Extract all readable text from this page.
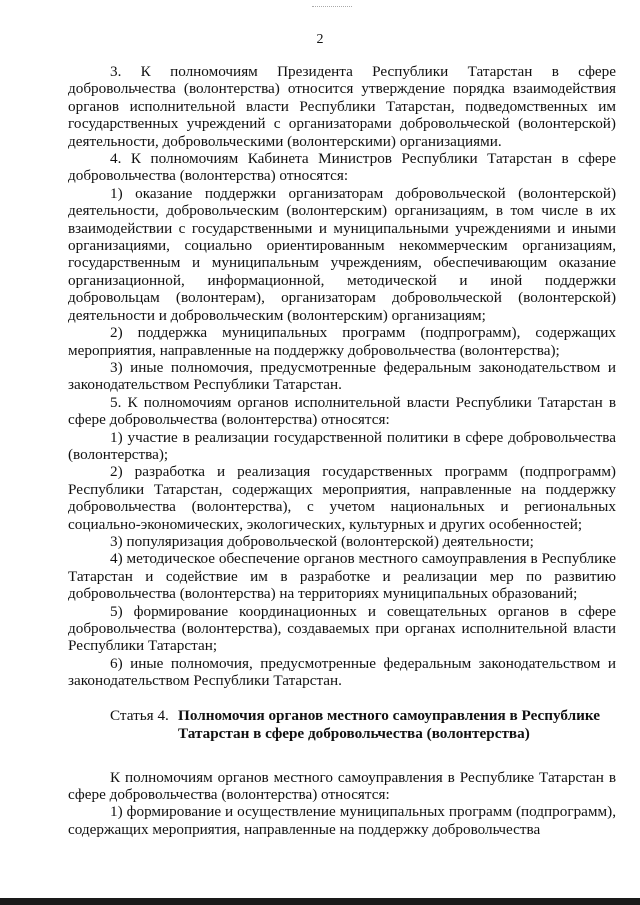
2

3. К полномочиям Президента Республики Татарстан в сфере добровольчества (волонтерства) относится утверждение порядка взаимодействия органов исполнительной власти Республики Татарстан, подведомственных им государственных учреждений с организаторами добровольческой (волонтерской) деятельности, добровольческими (волонтерскими) организациями.

4. К полномочиям Кабинета Министров Республики Татарстан в сфере добровольчества (волонтерства) относятся:

1) оказание поддержки организаторам добровольческой (волонтерской) деятельности, добровольческим (волонтерским) организациям, в том числе в их взаимодействии с государственными и муниципальными учреждениями и иными организациями, социально ориентированным некоммерческим организациям, государственным и муниципальным учреждениям, обеспечивающим оказание организационной, информационной, методической и иной поддержки добровольцам (волонтерам), организаторам добровольческой (волонтерской) деятельности и добровольческим (волонтерским) организациям;

2) поддержка муниципальных программ (подпрограмм), содержащих мероприятия, направленные на поддержку добровольчества (волонтерства);

3) иные полномочия, предусмотренные федеральным законодательством и законодательством Республики Татарстан.

5. К полномочиям органов исполнительной власти Республики Татарстан в сфере добровольчества (волонтерства) относятся:

1) участие в реализации государственной политики в сфере добровольчества (волонтерства);

2) разработка и реализация государственных программ (подпрограмм) Республики Татарстан, содержащих мероприятия, направленные на поддержку добровольчества (волонтерства), с учетом национальных и региональных социально-экономических, экологических, культурных и других особенностей;

3) популяризация добровольческой (волонтерской) деятельности;

4) методическое обеспечение органов местного самоуправления в Республике Татарстан и содействие им в разработке и реализации мер по развитию добровольчества (волонтерства) на территориях муниципальных образований;

5) формирование координационных и совещательных органов в сфере добровольчества (волонтерства), создаваемых при органах исполнительной власти Республики Татарстан;

6) иные полномочия, предусмотренные федеральным законодательством и законодательством Республики Татарстан.

Статья 4. Полномочия органов местного самоуправления в Республике Татарстан в сфере добровольчества (волонтерства)

К полномочиям органов местного самоуправления в Республике Татарстан в сфере добровольчества (волонтерства) относятся:

1) формирование и осуществление муниципальных программ (подпрограмм), содержащих мероприятия, направленные на поддержку добровольчества
